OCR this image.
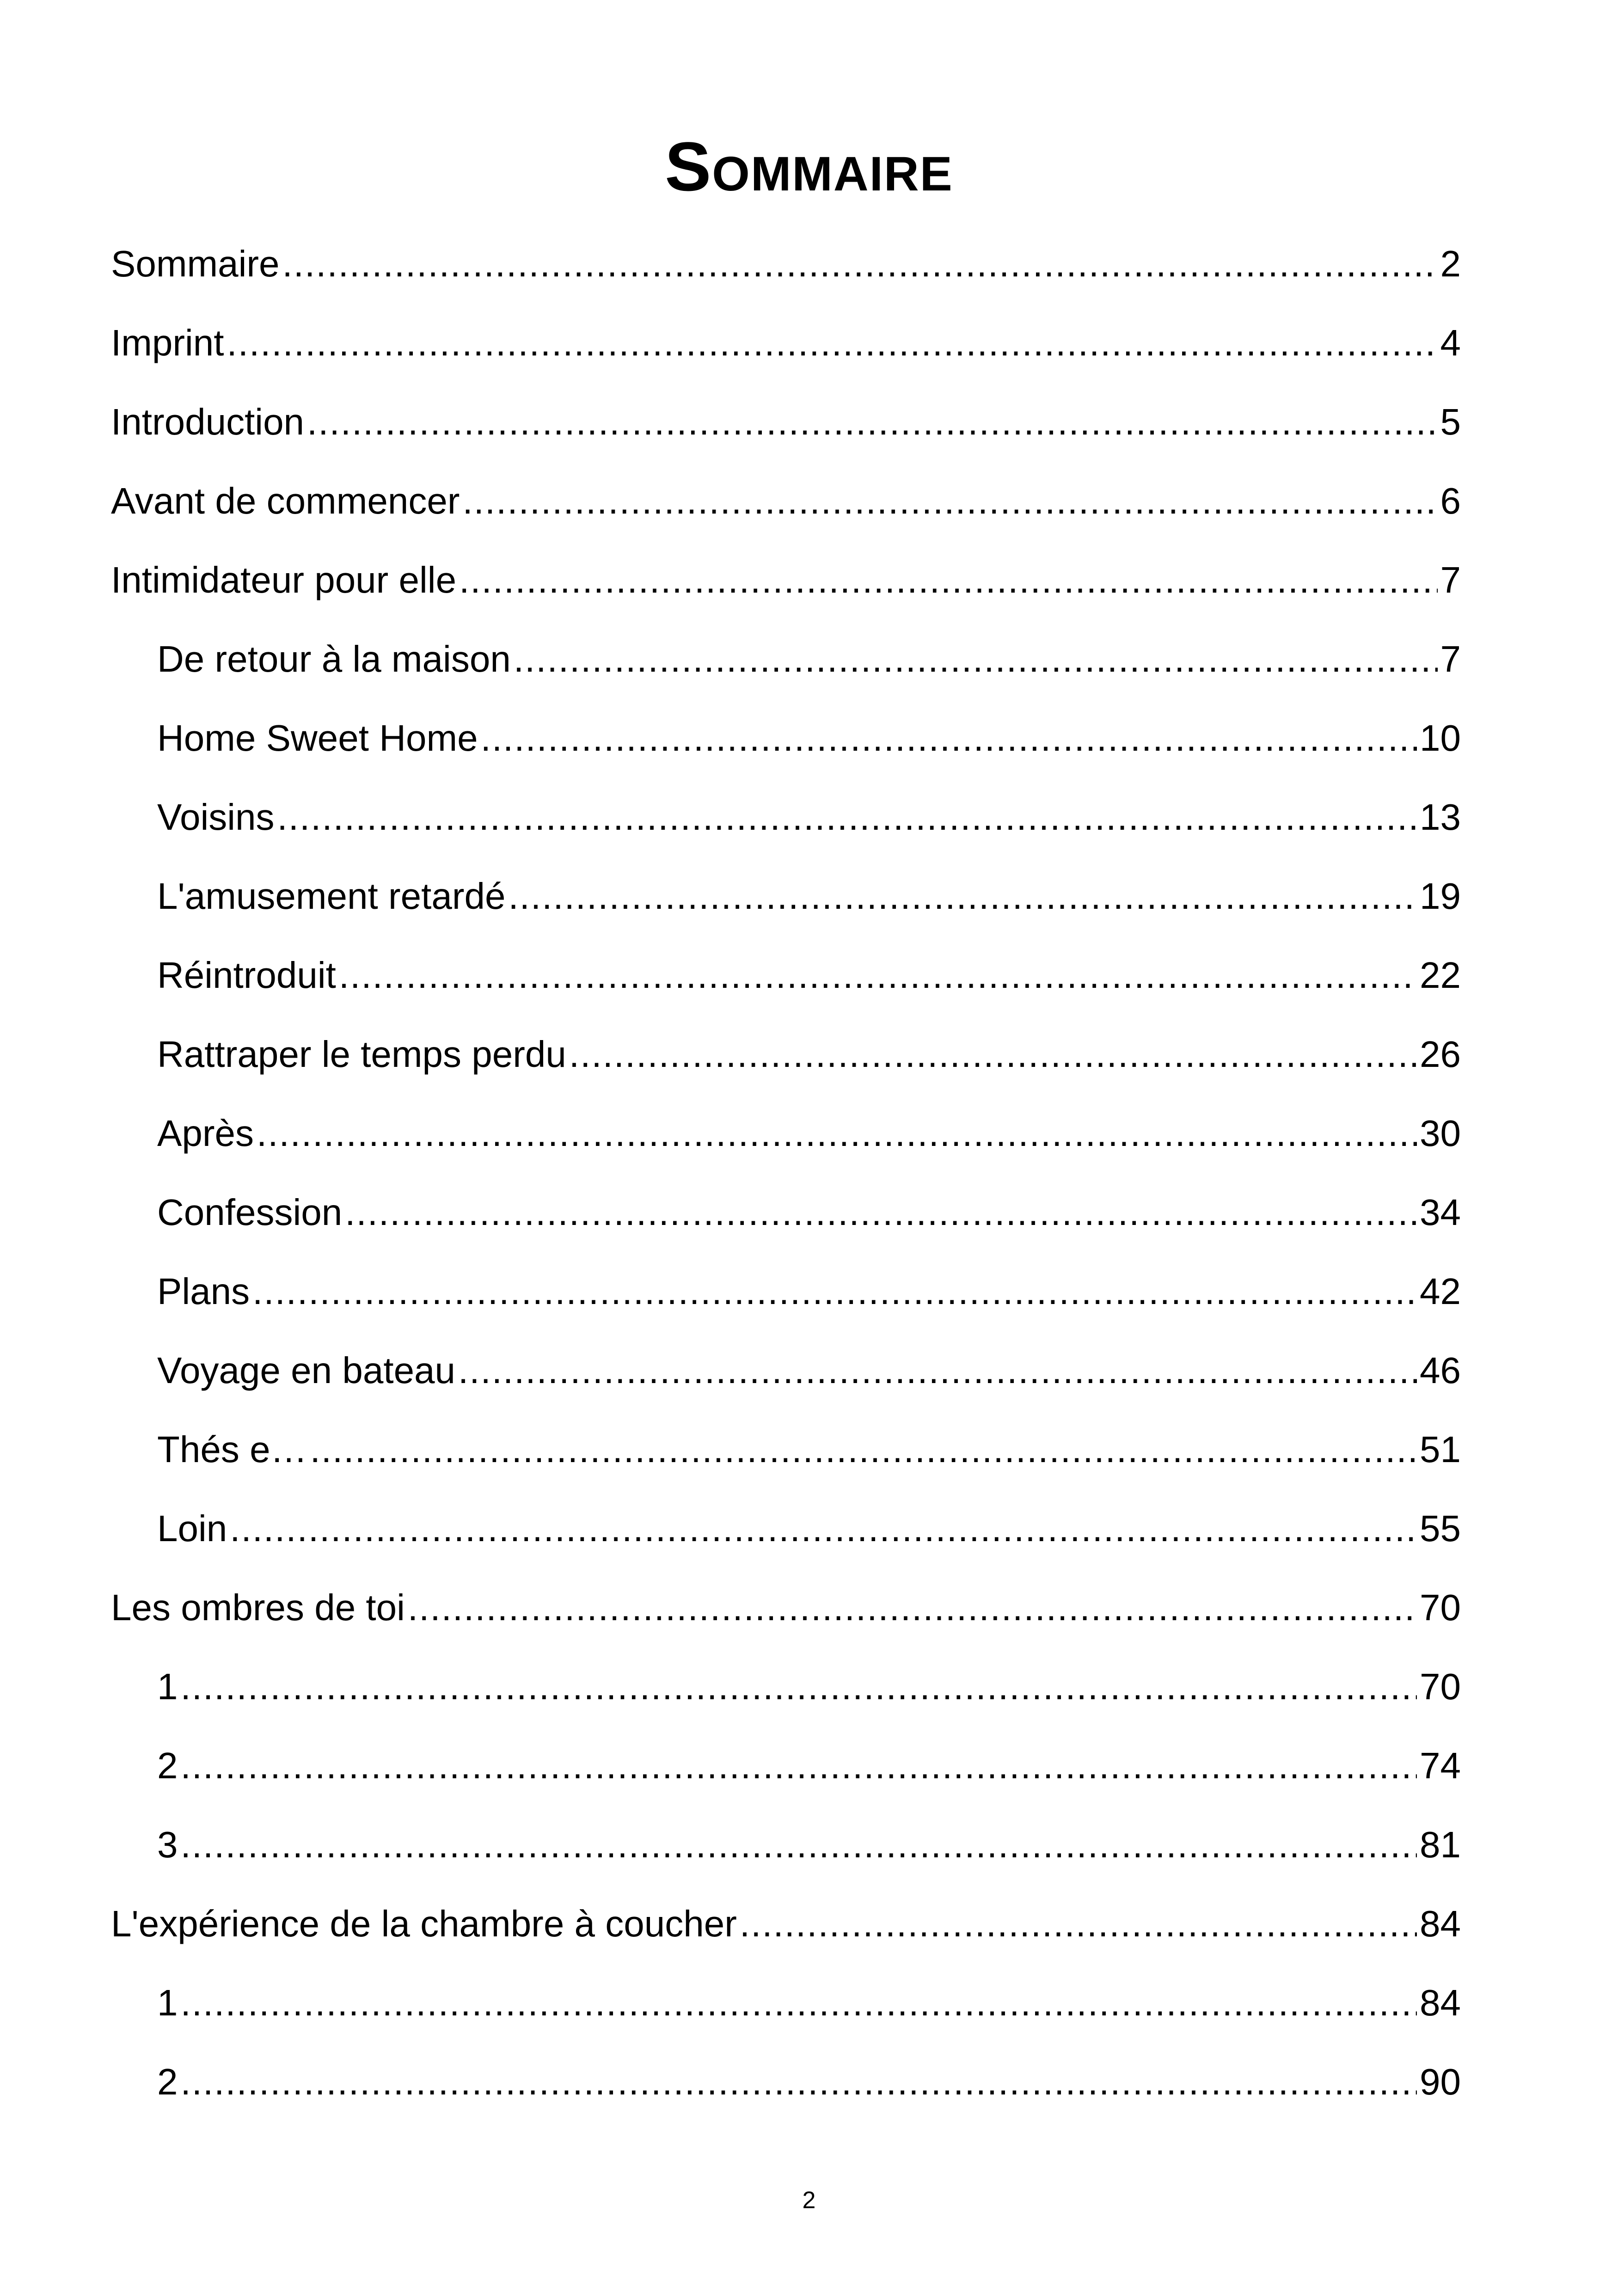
Sommaire
Sommaire .....	2
Imprint .....	4
Introduction .....	5
Avant de commencer .....	6
Intimidateur pour elle .....	7
De retour à la maison .....	7
Home Sweet Home .....	10
Voisins .....	13
L'amusement retardé .....	19
Réintroduit .....	22
Rattraper le temps perdu .....	26
Après .....	30
Confession .....	34
Plans .....	42
Voyage en bateau .....	46
Thés e… .....	51
Loin .....	55
Les ombres de toi .....	70
1 .....	70
2 .....	74
3 .....	81
L'expérience de la chambre à coucher .....	84
1 .....	84
2 .....	90
2
